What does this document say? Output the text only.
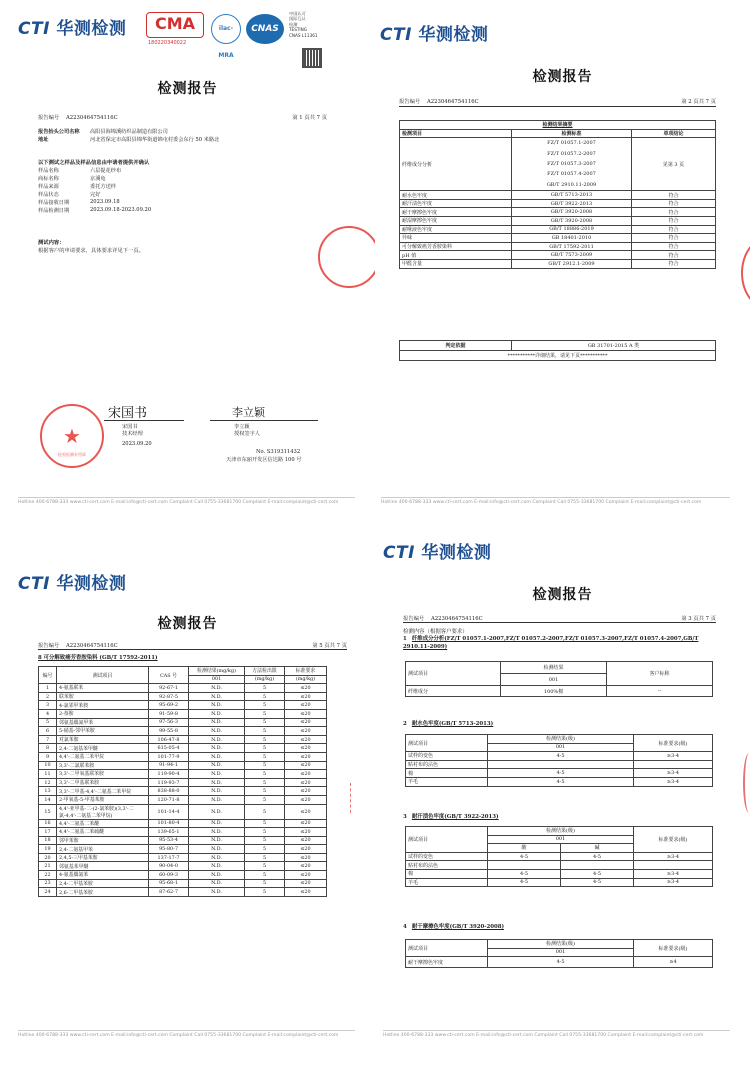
CTI 华测检测	CMA
180220340022
ilac-MRA
CNAS
中国认可
国际互认
检测
TESTING
CNAS L11361
检测报告
报告编号 A2230464754116C	第 1 页共 7 页
报告抬头公司名称	高阳县海锦溪纺织品制造有限公司
地址	河北省保定市高阳县锦华街道锦屯村委会东行 50 米路北
以下测试之样品及样品信息由申请者提供并确认
样品名称	六层提花纱布
商标名称	京溪龟
样品来源	委托方送样
样品状态	完好
样品接收日期	2023.09.18
样品检测日期	2023.09.18-2023.09.20
测试内容：
根据客户的申请要求，具体要求详见下一页。
宋国书
宋国书
技术经理
2023.09.20
李立颖
李立颖
授权签字人
No. S319311432
天津市东丽开发区信达路 100 号
★
检验检测专用章
Hotline 400-6788-333 www.cti-cert.com E-mail:info@cti-cert.com Complaint Call 0755-33681700 Complaint E-mail:complaint@cti-cert.com
CTI 华测检测
检测报告
报告编号 A2230464754116C	第 2 页共 7 页
检测结果摘要		
检测项目	检测标准	单项结论
纤维成分分析	FZ/T 01057.1-2007
FZ/T 01057.2-2007
FZ/T 01057.3-2007
FZ/T 01057.4-2007
GB/T 2910.11-2009	见第 3 页
耐水色牢度	GB/T 5713-2013	符合
耐汗渍色牢度	GB/T 3922-2013	符合
耐干摩擦色牢度	GB/T 3920-2008	符合
耐湿摩擦色牢度	GB/T 3920-2008	符合
耐唾液色牢度	GB/T 18886-2019	符合
异味	GB 18401-2010	符合
可分解致癌芳香胺染料	GB/T 17592-2011	符合
pH 值	GB/T 7573-2009	符合
甲醛含量	GB/T 2912.1-2009	符合
判定依据	GB 31701-2015 A 类
***********详细结果，请见下页***********
Hotline 400-6788-333 www.cti-cert.com E-mail:info@cti-cert.com Complaint Call 0755-33681700 Complaint E-mail:complaint@cti-cert.com
CTI 华测检测
检测报告
报告编号 A2230464754116C	第 5 页共 7 页
8 可分解致癌芳香胺染料 (GB/T 17592-2011)
编号	测试项目	CAS 号	检测结果(mg/kg)	方法检出限	标准要求
			001	(mg/kg)	(mg/kg)
1	4-氨基联苯	92-67-1	N.D.	5	≤20
2	联苯胺	92-87-5	N.D.	5	≤20
3	4-氯邻甲苯胺	95-69-2	N.D.	5	≤20
4	2-萘胺	91-59-8	N.D.	5	≤20
5	邻氨基偶氮甲苯	97-56-3	N.D.	5	≤20
6	5-硝基-邻甲苯胺	99-55-8	N.D.	5	≤20
7	对氯苯胺	106-47-8	N.D.	5	≤20
8	2,4-二氨基苯甲醚	615-05-4	N.D.	5	≤20
9	4,4'-二氨基二苯甲烷	101-77-9	N.D.	5	≤20
10	3,3'-二氯联苯胺	91-94-1	N.D.	5	≤20
11	3,3'-二甲氧基联苯胺	119-90-4	N.D.	5	≤20
12	3,3'-二甲基联苯胺	119-93-7	N.D.	5	≤20
13	3,3'-二甲基-4,4'-二氨基二苯甲烷	838-88-0	N.D.	5	≤20
14	2-甲氧基-5-甲基苯胺	120-71-8	N.D.	5	≤20
15	4,4'-亚甲基-二-(2-氯苯胺)(3,3'-二氯-4,4'-二氨基二苯甲烷)	101-14-4	N.D.	5	≤20
16	4,4'-二氨基二苯醚	101-80-4	N.D.	5	≤20
17	4,4'-二氨基二苯硫醚	139-65-1	N.D.	5	≤20
18	邻甲苯胺	95-53-4	N.D.	5	≤20
19	2,4-二氨基甲苯	95-80-7	N.D.	5	≤20
20	2,4,5-三甲基苯胺	137-17-7	N.D.	5	≤20
21	邻氨基苯甲醚	90-04-0	N.D.	5	≤20
22	4-氨基偶氮苯	60-09-3	N.D.	5	≤20
23	2,4-二甲基苯胺	95-68-1	N.D.	5	≤20
24	2,6-二甲基苯胺	87-62-7	N.D.	5	≤20
Hotline 400-6788-333 www.cti-cert.com E-mail:info@cti-cert.com Complaint Call 0755-33681700 Complaint E-mail:complaint@cti-cert.com
CTI 华测检测
检测报告
报告编号 A2230464754116C	第 3 页共 7 页
检测内容（根据客户要求）
1 纤维成分分析(FZ/T 01057.1-2007,FZ/T 01057.2-2007,FZ/T 01057.3-2007,FZ/T 01057.4-2007,GB/T 2910.11-2009)
测试项目	检测结果	客户标称
	001	
纤维成分	100%棉	--
2 耐水色牢度(GB/T 5713-2013)
测试项目	检测结果(级)	标准要求(级)
	001	
试样的变色	4-5	≥3-4
贴衬布的沾色		
棉	4-5	≥3-4
羊毛	4-5	≥3-4
3 耐汗渍色牢度(GB/T 3922-2013)
测试项目	检测结果(级)		标准要求(级)
	001		
	酸	碱	
试样的变色	4-5	4-5	≥3-4
贴衬布的沾色			
棉	4-5	4-5	≥3-4
羊毛	4-5	4-5	≥3-4
4 耐干摩擦色牢度(GB/T 3920-2008)
测试项目	检测结果(级)	标准要求(级)
	001	
耐干摩擦色牢度	4-5	≥4
Hotline 400-6788-333 www.cti-cert.com E-mail:info@cti-cert.com Complaint Call 0755-33681700 Complaint E-mail:complaint@cti-cert.com
